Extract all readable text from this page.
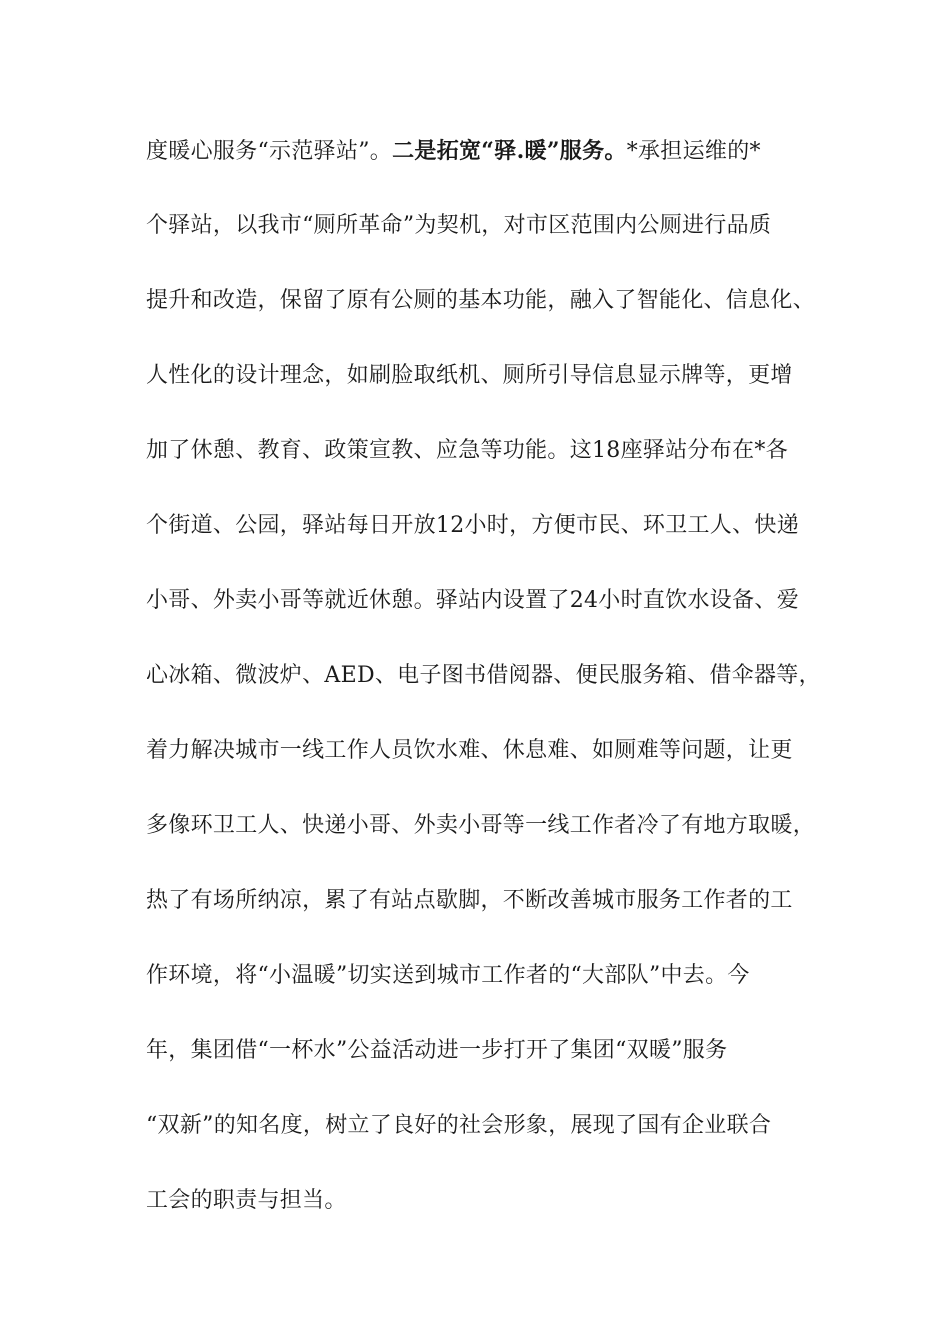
度暖心服务“示范驿站”。二是拓宽“驿.暖”服务。*承担运维的*
个驿站，以我市“厕所革命”为契机，对市区范围内公厕进行品质
提升和改造，保留了原有公厕的基本功能，融入了智能化、信息化、
人性化的设计理念，如刷脸取纸机、厕所引导信息显示牌等，更增
加了休憩、教育、政策宣教、应急等功能。这18座驿站分布在*各
个街道、公园，驿站每日开放12小时，方便市民、环卫工人、快递
小哥、外卖小哥等就近休憩。驿站内设置了24小时直饮水设备、爱
心冰箱、微波炉、AED、电子图书借阅器、便民服务箱、借伞器等，
着力解决城市一线工作人员饮水难、休息难、如厕难等问题，让更
多像环卫工人、快递小哥、外卖小哥等一线工作者冷了有地方取暖，
热了有场所纳凉，累了有站点歇脚，不断改善城市服务工作者的工
作环境，将“小温暖”切实送到城市工作者的“大部队”中去。今
年，集团借“一杯水”公益活动进一步打开了集团“双暖”服务
“双新”的知名度，树立了良好的社会形象，展现了国有企业联合
工会的职责与担当。
